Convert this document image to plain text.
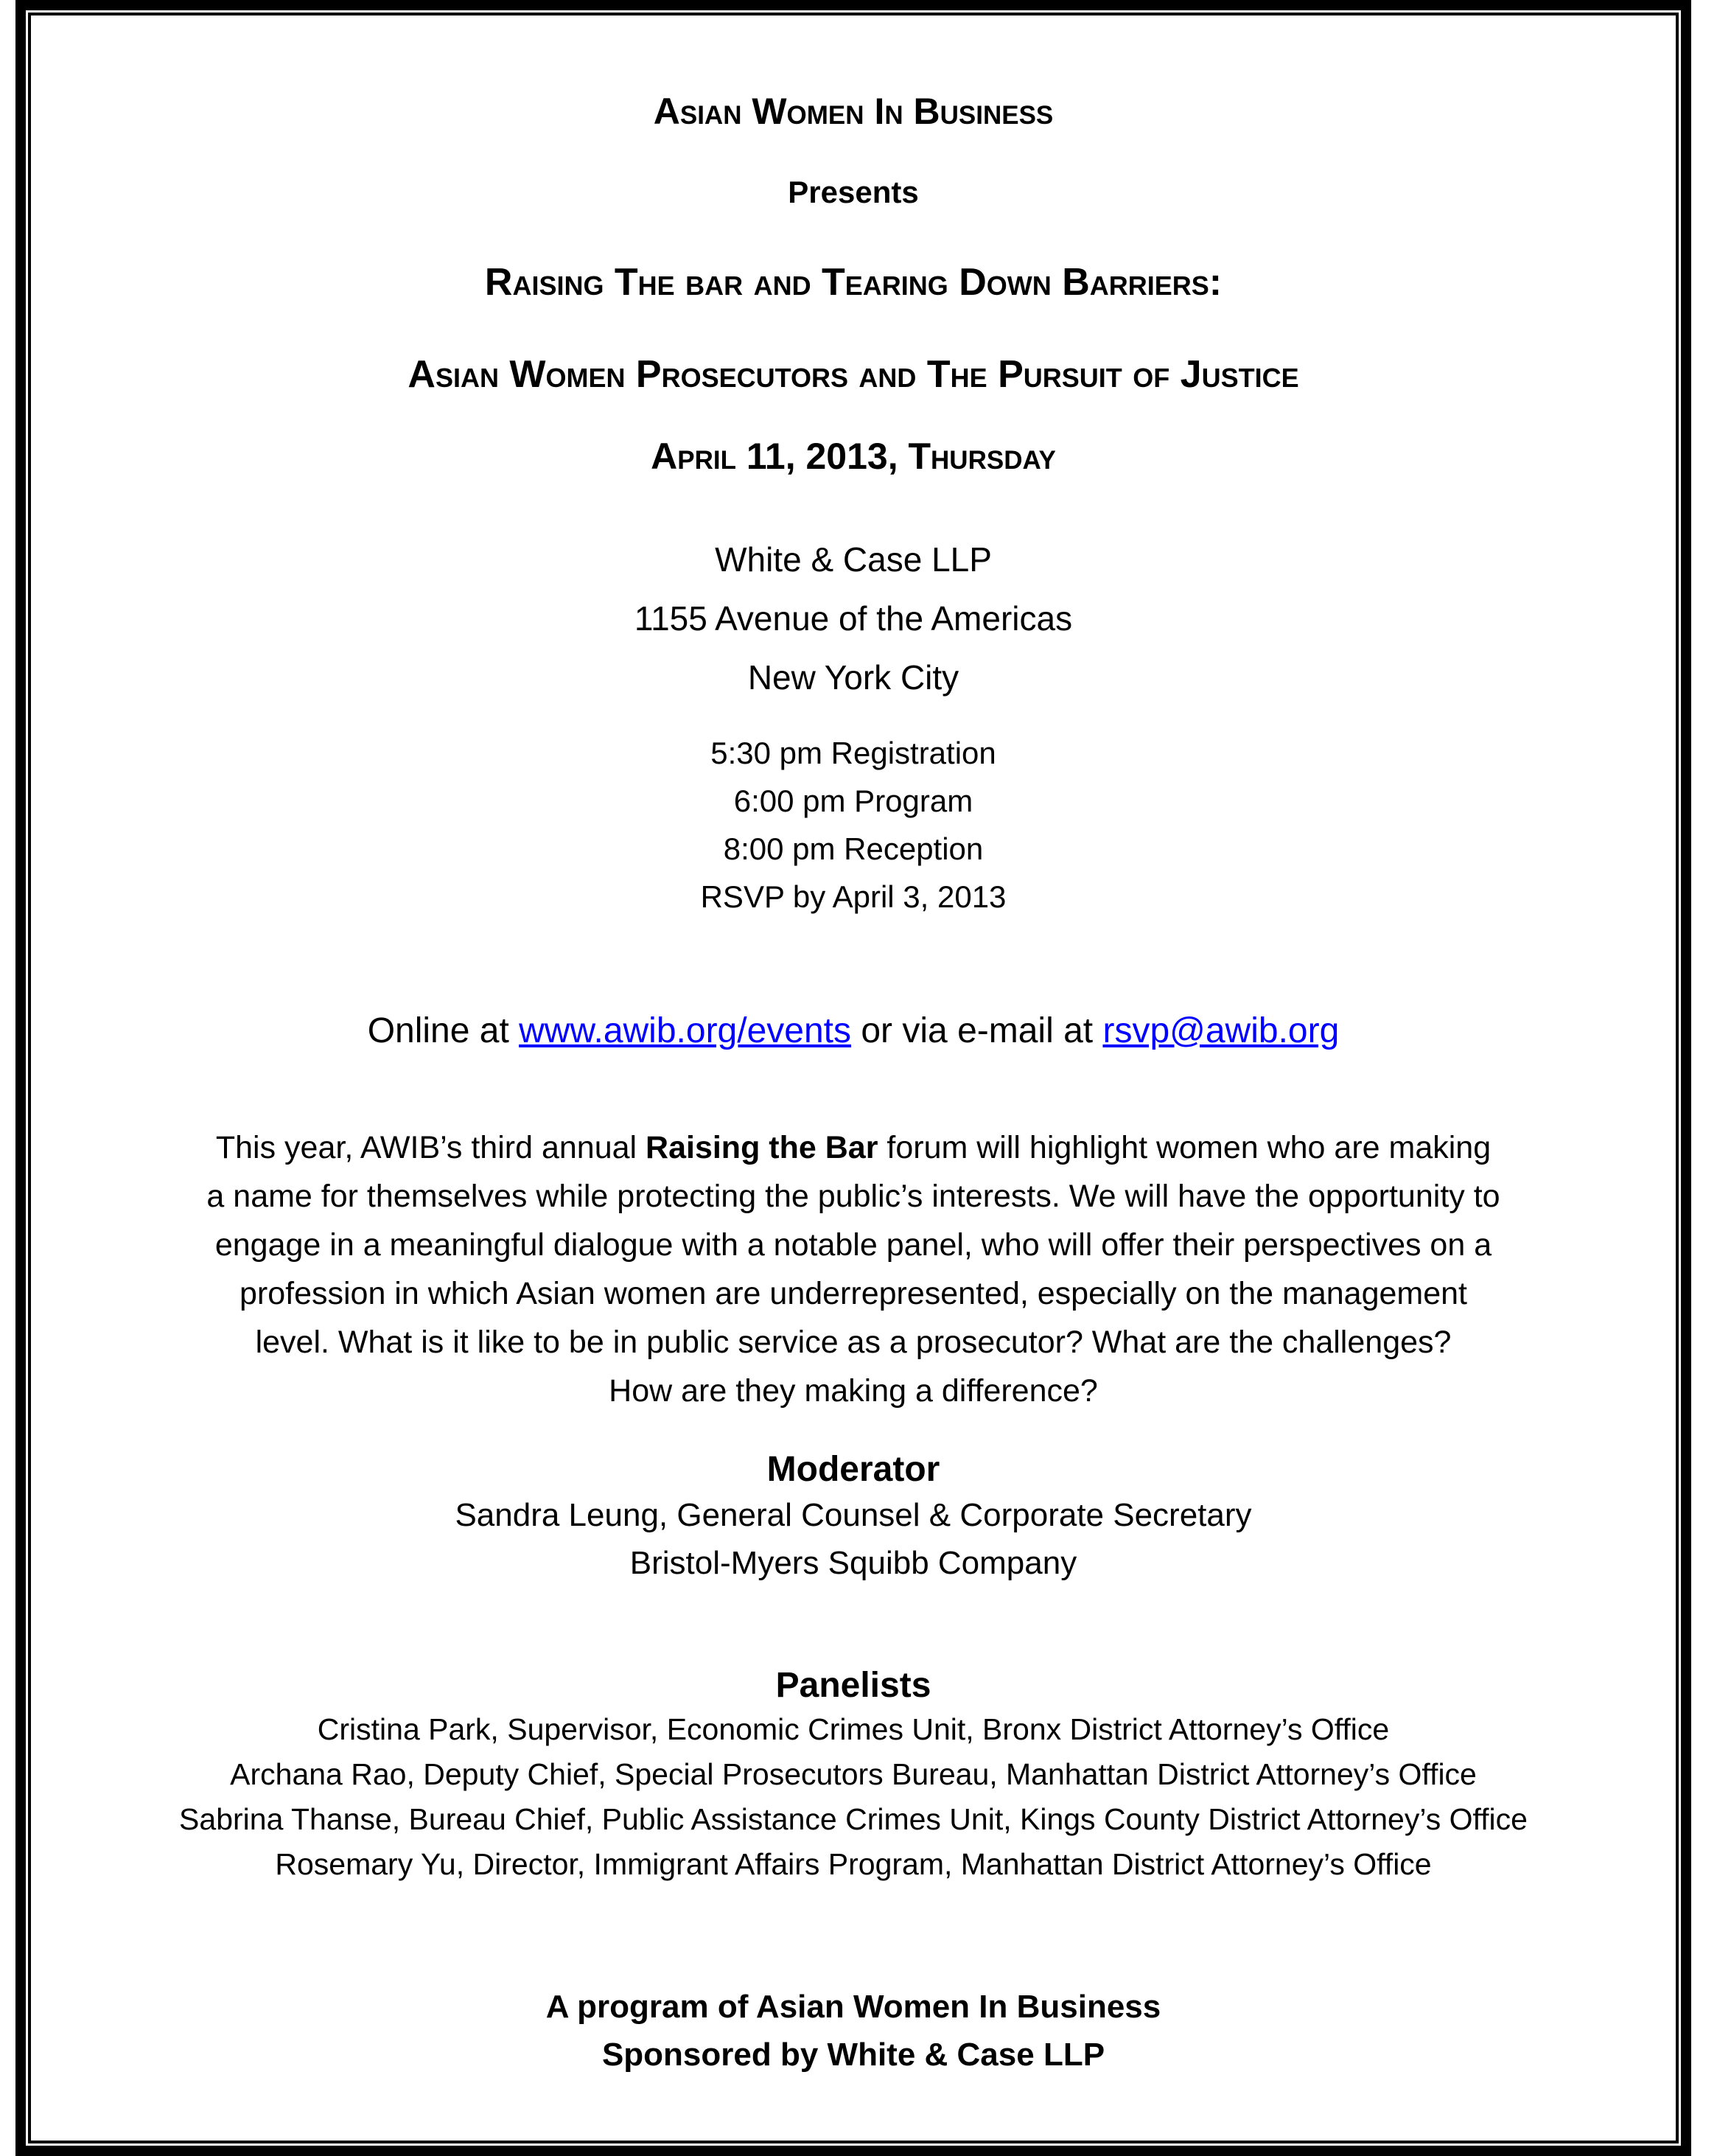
Asian Women In Business
Presents
Raising The bar and Tearing Down Barriers:
Asian Women Prosecutors and The Pursuit of Justice
April 11, 2013, Thursday
White & Case LLP
1155 Avenue of the Americas
New York City
5:30 pm Registration
6:00 pm Program
8:00 pm Reception
RSVP by April 3, 2013
Online at www.awib.org/events or via e-mail at rsvp@awib.org
This year, AWIB’s third annual Raising the Bar forum will highlight women who are making
a name for themselves while protecting the public’s interests. We will have the opportunity to
engage in a meaningful dialogue with a notable panel, who will offer their perspectives on a
profession in which Asian women are underrepresented, especially on the management
level. What is it like to be in public service as a prosecutor? What are the challenges?
How are they making a difference?
Moderator
Sandra Leung, General Counsel & Corporate Secretary
Bristol-Myers Squibb Company
Panelists
Cristina Park, Supervisor, Economic Crimes Unit, Bronx District Attorney’s Office
Archana Rao, Deputy Chief, Special Prosecutors Bureau, Manhattan District Attorney’s Office
Sabrina Thanse, Bureau Chief, Public Assistance Crimes Unit, Kings County District Attorney’s Office
Rosemary Yu, Director, Immigrant Affairs Program, Manhattan District Attorney’s Office
A program of Asian Women In Business
Sponsored by White & Case LLP
